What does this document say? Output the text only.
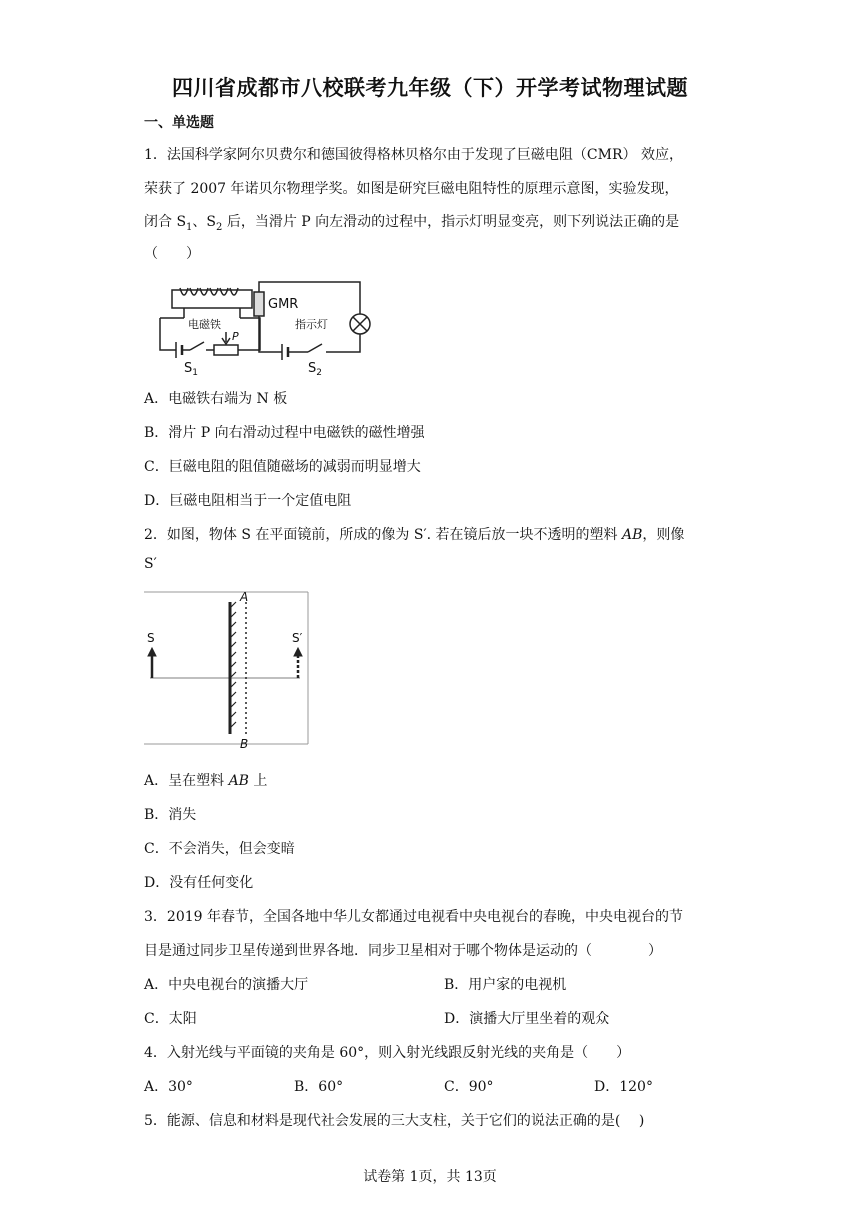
四川省成都市八校联考九年级（下）开学考试物理试题
一、单选题
1．法国科学家阿尔贝费尔和德国彼得格林贝格尔由于发现了巨磁电阻（CMR） 效应，
荣获了 2007 年诺贝尔物理学奖。如图是研究巨磁电阻特性的原理示意图，实验发现，
闭合 $S_1$、$S_2$ 后，当滑片 P 向左滑动的过程中，指示灯明显变亮，则下列说法正确的是
（　　）
电磁铁
GMR
指示灯
P
$S_1$	$S_2$
A．电磁铁右端为 N 板
B．滑片 P 向右滑动过程中电磁铁的磁性增强
C．巨磁电阻的阻值随磁场的减弱而明显增大
D．巨磁电阻相当于一个定值电阻
2．如图，物体 S 在平面镜前，所成的像为 S′. 若在镜后放一块不透明的塑料 AB，则像
S′
S	S′
A
B
A．呈在塑料 AB 上
B．消失
C．不会消失，但会变暗
D．没有任何变化
3．2019 年春节，全国各地中华儿女都通过电视看中央电视台的春晚，中央电视台的节
目是通过同步卫星传递到世界各地．同步卫星相对于哪个物体是运动的（　　　　）
A．中央电视台的演播大厅	B．用户家的电视机
C．太阳	D．演播大厅里坐着的观众
4．入射光线与平面镜的夹角是 60°，则入射光线跟反射光线的夹角是（　　）
A．30°	B．60°	C．90°	D．120°
5．能源、信息和材料是现代社会发展的三大支柱，关于它们的说法正确的是(　 )
试卷第 1页，共 13页
